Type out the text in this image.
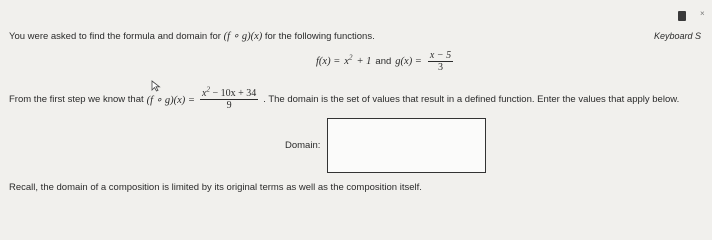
×
Keyboard S
You were asked to find the formula and domain for (f ∘ g)(x) for the following functions.
$f(x) = x^2 + 1$ and $g(x) = \frac{x - 5}{3}$
From the first step we know that (f ∘ $g)(x) = \frac{x^2 - 10x + 34}{9}$ . The domain is the set of values that result in a defined function. Enter the values that apply below.
Domain:
Recall, the domain of a composition is limited by its original terms as well as the composition itself.
